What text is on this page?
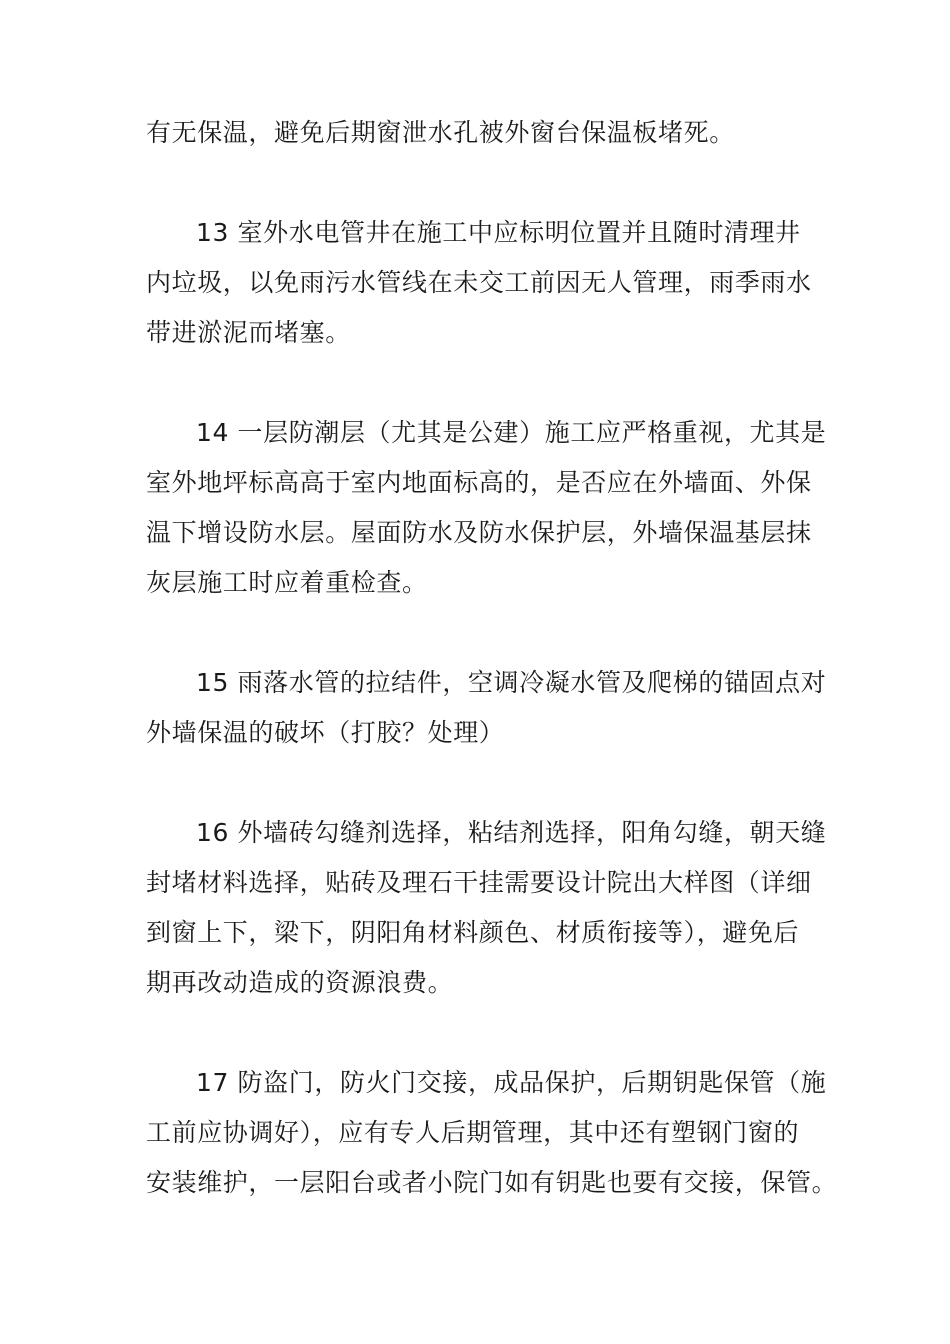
有无保温，避免后期窗泄水孔被外窗台保温板堵死。
13 室外水电管井在施工中应标明位置并且随时清理井
内垃圾，以免雨污水管线在未交工前因无人管理，雨季雨水
带进淤泥而堵塞。
14 一层防潮层（尤其是公建）施工应严格重视，尤其是
室外地坪标高高于室内地面标高的，是否应在外墙面、外保
温下增设防水层。屋面防水及防水保护层，外墙保温基层抹
灰层施工时应着重检查。
15 雨落水管的拉结件，空调冷凝水管及爬梯的锚固点对
外墙保温的破坏（打胶？处理）
16 外墙砖勾缝剂选择，粘结剂选择，阳角勾缝，朝天缝
封堵材料选择，贴砖及理石干挂需要设计院出大样图（详细
到窗上下，梁下，阴阳角材料颜色、材质衔接等），避免后
期再改动造成的资源浪费。
17 防盗门，防火门交接，成品保护，后期钥匙保管（施
工前应协调好），应有专人后期管理，其中还有塑钢门窗的
安装维护，一层阳台或者小院门如有钥匙也要有交接，保管。
